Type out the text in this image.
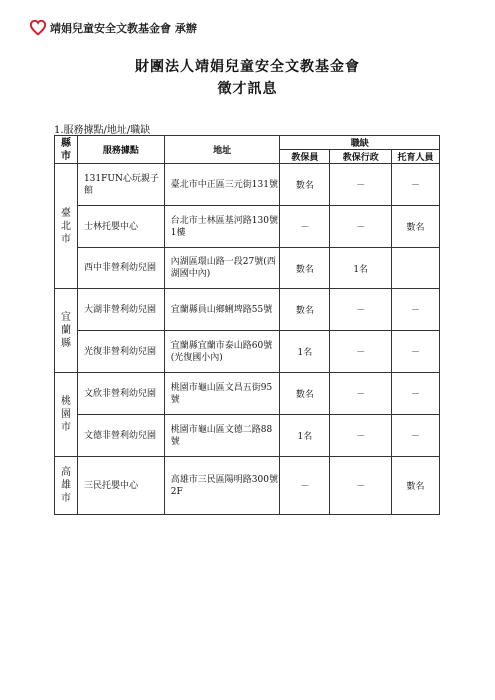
靖娟兒童安全文教基金會 承辦
財團法人靖娟兒童安全文教基金會
徵才訊息
1.服務據點/地址/職缺
縣
市	服務據點	地址	職缺		
			教保員	教保行政	托育人員

臺
北
市	131FUN心玩親子館	臺北市中正區三元街131號	數名	－	－
	士林托嬰中心	台北市士林區基河路130號1樓	－	－	數名
	西中非營利幼兒園	內湖區環山路一段27號(西湖國中內)	數名	1名	

宜
蘭
縣	大湖非營利幼兒園	宜蘭縣員山鄉蜊埤路55號	數名	－	－
	光復非營利幼兒園	宜蘭縣宜蘭市泰山路60號(光復國小內)	1名	－	－

桃
園
市	文欣非營利幼兒園	桃園市龜山區文昌五街95號	數名	－	－
	文德非營利幼兒園	桃園市龜山區文德二路88號	1名	－	－

高
雄
市	三民托嬰中心	高雄市三民區陽明路300號2F	－	－	數名
